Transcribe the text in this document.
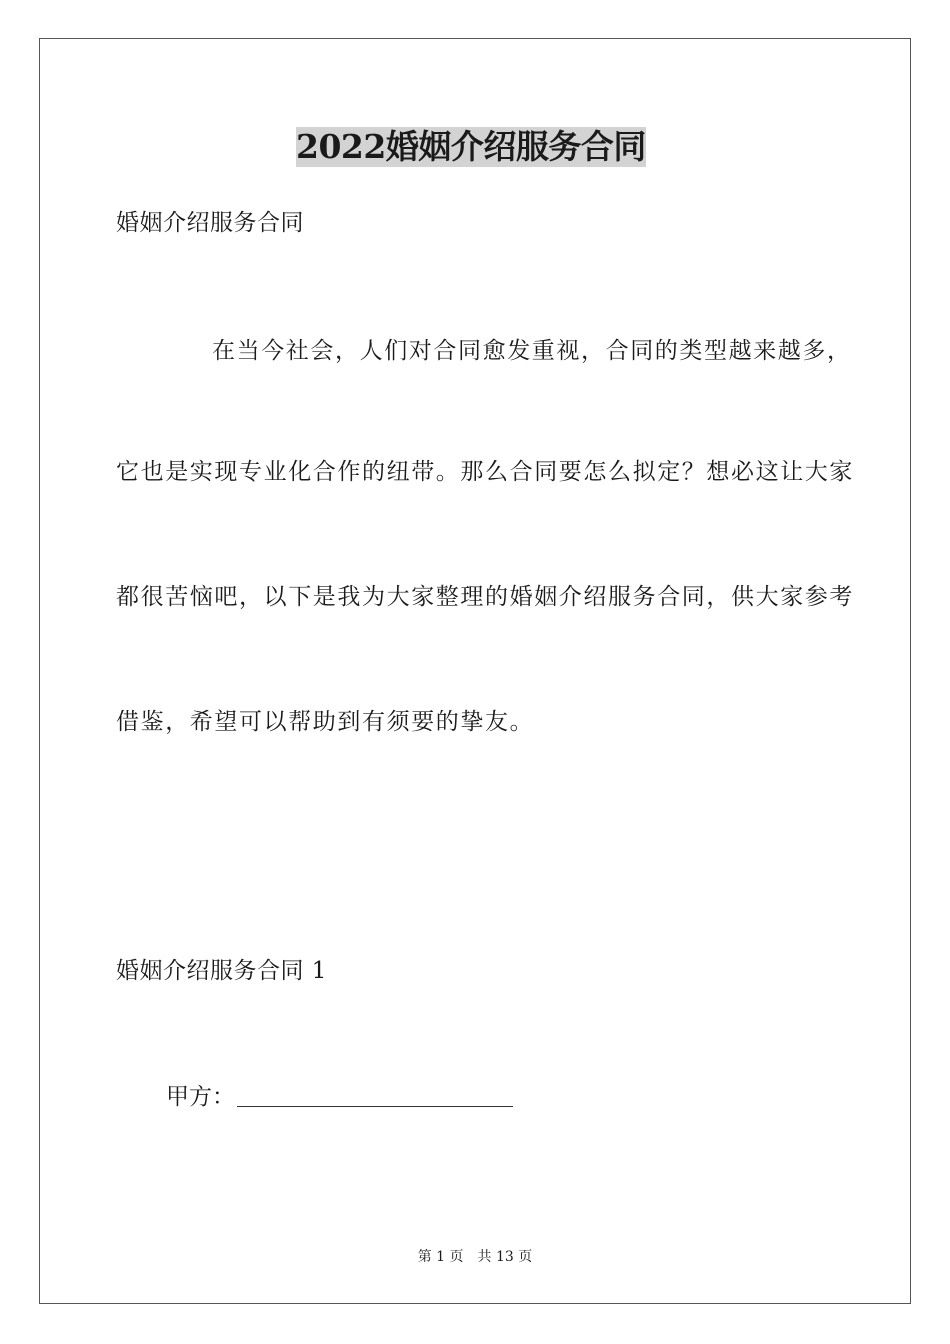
2022婚姻介绍服务合同
婚姻介绍服务合同
在当今社会，人们对合同愈发重视，合同的类型越来越多，
它也是实现专业化合作的纽带。那么合同要怎么拟定？想必这让大家
都很苦恼吧，以下是我为大家整理的婚姻介绍服务合同，供大家参考
借鉴，希望可以帮助到有须要的挚友。
婚姻介绍服务合同 1
甲方：
第 1 页 共 13 页
